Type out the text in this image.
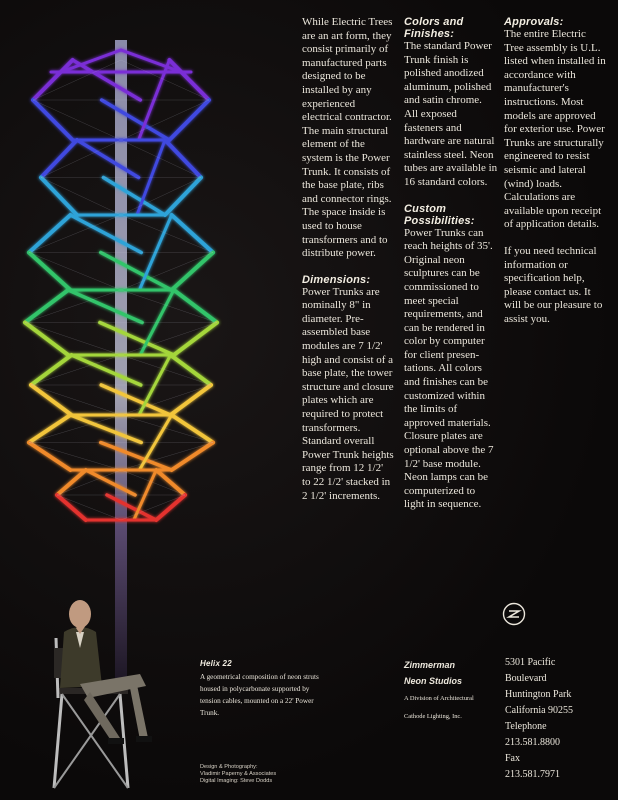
While Electric Trees are an art form, they consist primarily of manufactured parts designed to be installed by any experienced electrical contractor. The main structural element of the system is the Power Trunk. It consists of the base plate, ribs and connector rings. The space inside is used to house transformers and to distribute power.

Dimensions:

Power Trunks are nominally 8" in diameter. Pre-assembled base modules are 7 1/2' high and consist of a base plate, the tower structure and closure plates which are required to protect transformers. Standard overall Power Trunk heights range from 12 1/2' to 22 1/2' stacked in 2 1/2' increments.

Colors and Finishes:

The standard Power Trunk finish is polished anodized aluminum, polished and satin chrome. All exposed fasteners and hardware are natural stainless steel. Neon tubes are available in 16 standard colors.

Custom Possibilities:

Power Trunks can reach heights of 35'. Original neon sculptures can be commissioned to meet special requirements, and can be rendered in color by computer for client presen-tations. All colors and finishes can be customized within the limits of approved materials. Closure plates are optional above the 7 1/2' base module. Neon lamps can be computerized to light in sequence.

Approvals:

The entire Electric Tree assembly is U.L. listed when installed in accordance with manufacturer's instructions. Most models are approved for exterior use. Power Trunks are structurally engineered to resist seismic and lateral (wind) loads. Calculations are available upon receipt of application details.

If you need technical information or specification help, please contact us. It will be our pleasure to assist you.

Helix 22
A geometrical composition of neon struts housed in polycarbonate supported by tension cables, mounted on a 22' Power Trunk.
Design & Photography:
Vladimir Paperny & Associates
Digital Imaging: Steve Dodds
Zimmerman
Neon Studios
A Division of Architectural
Cathode Lighting, Inc.
5301 Pacific
Boulevard
Huntington Park
California 90255
Telephone
213.581.8800
Fax
213.581.7971
